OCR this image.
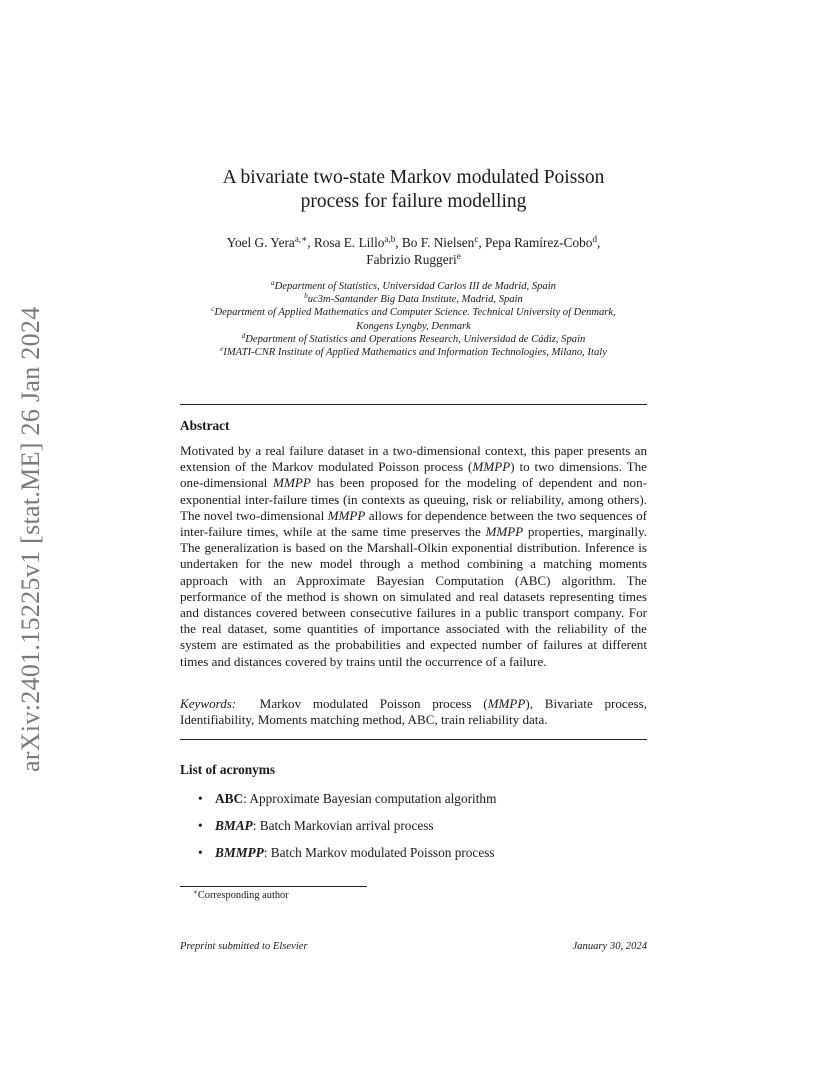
arXiv:2401.15225v1 [stat.ME] 26 Jan 2024
A bivariate two-state Markov modulated Poisson
process for failure modelling
Yoel G. Yera$^{a,∗}$, Rosa E. Lillo$^{a,b}$, Bo F. Nielsen$^c$, Pepa Ramírez-Cobo$^d$,
Fabrizio Ruggeri$^e$
$^a$Department of Statistics, Universidad Carlos III de Madrid, Spain
$^b$uc3m-Santander Big Data Institute, Madrid, Spain
$^c$Department of Applied Mathematics and Computer Science. Technical University of Denmark, Kongens Lyngby, Denmark
$^d$Department of Statistics and Operations Research, Universidad de Cádiz, Spain
$^e$IMATI-CNR Institute of Applied Mathematics and Information Technologies, Milano, Italy
Abstract
Motivated by a real failure dataset in a two-dimensional context, this paper presents an extension of the Markov modulated Poisson process (MMPP) to two dimensions. The one-dimensional MMPP has been proposed for the modeling of dependent and non-exponential inter-failure times (in contexts as queuing, risk or reliability, among others). The novel two-dimensional MMPP allows for dependence between the two sequences of inter-failure times, while at the same time preserves the MMPP properties, marginally. The generalization is based on the Marshall-Olkin exponential distribution. Inference is undertaken for the new model through a method combining a matching moments approach with an Approximate Bayesian Computation (ABC) algorithm. The performance of the method is shown on simulated and real datasets representing times and distances covered between consecutive failures in a public transport company. For the real dataset, some quantities of importance associated with the reliability of the system are estimated as the probabilities and expected number of failures at different times and distances covered by trains until the occurrence of a failure.
Keywords: Markov modulated Poisson process (MMPP), Bivariate process, Identifiability, Moments matching method, ABC, train reliability data.
List of acronyms
• ABC: Approximate Bayesian computation algorithm
• BMAP: Batch Markovian arrival process
• BMMPP: Batch Markov modulated Poisson process
∗Corresponding author
Preprint submitted to Elsevier	January 30, 2024
